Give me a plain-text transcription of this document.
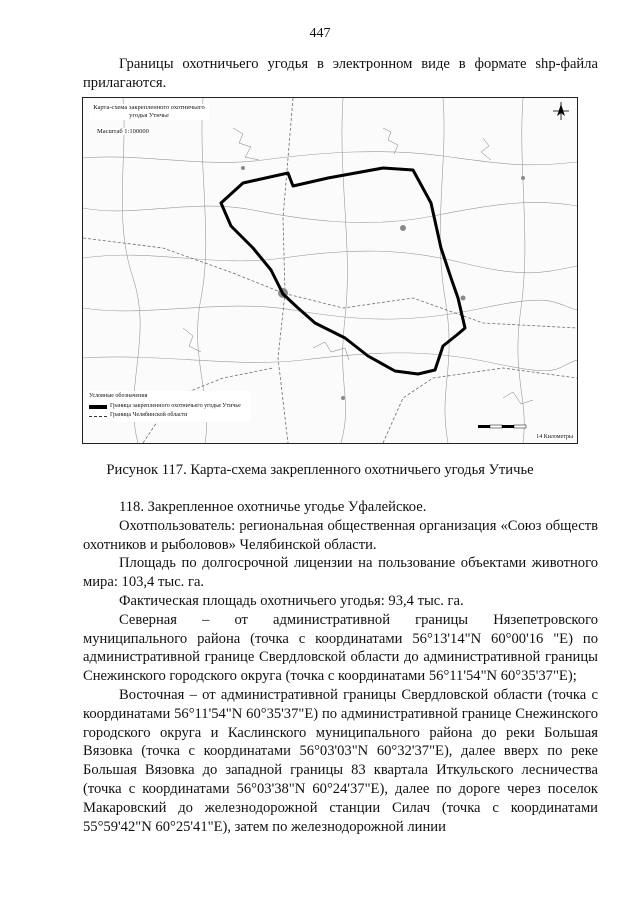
447

Границы охотничьего угодья в электронном виде в формате shp-файла прилагаются.

Карта-схема закрепленного охотничьего угодья Утичье
Масштаб 1:100000
Условные обозначения
Граница закрепленного охотничьего угодья Утичье
Граница Челябинской области
14 Километры
Рисунок 117. Карта-схема закрепленного охотничьего угодья Утичье

118. Закрепленное охотничье угодье Уфалейское.

Охотпользователь: региональная общественная организация «Союз обществ охотников и рыболовов» Челябинской области.

Площадь по долгосрочной лицензии на пользование объектами животного мира: 103,4 тыс. га.

Фактическая площадь охотничьего угодья: 93,4 тыс. га.

Северная – от административной границы Нязепетровского муниципального района (точка с координатами 56°13'14"N 60°00'16 "E) по административной границе Свердловской области до административной границы Снежинского городского округа (точка с координатами 56°11'54"N 60°35'37"E);

Восточная – от административной границы Свердловской области (точка с координатами 56°11'54"N 60°35'37"E) по административной границе Снежинского городского округа и Каслинского муниципального района до реки Большая Вязовка (точка с координатами 56°03'03"N 60°32'37"E), далее вверх по реке Большая Вязовка до западной границы 83 квартала Иткульского лесничества (точка с координатами 56°03'38"N 60°24'37"E), далее по дороге через поселок Макаровский до железнодорожной станции Силач (точка с координатами 55°59'42"N 60°25'41"E), затем по железнодорожной линии
